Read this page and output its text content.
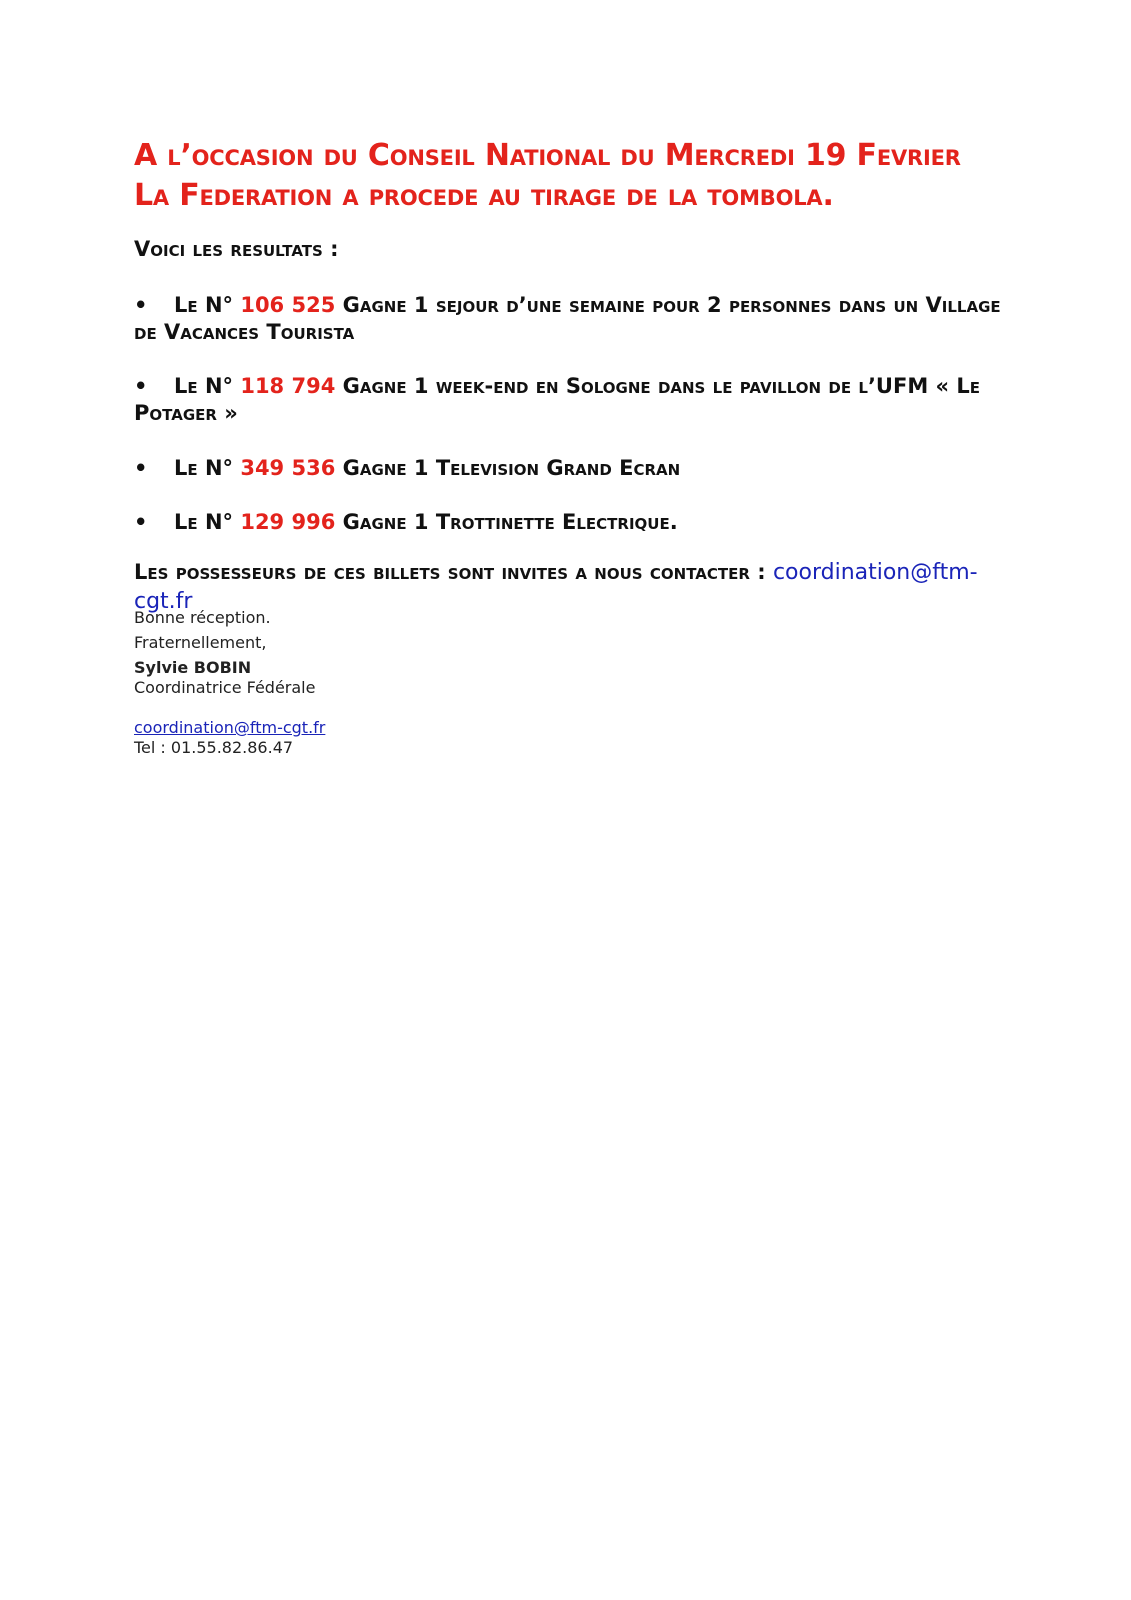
A l’occasion du Conseil National du Mercredi 19 Fevrier
La Federation a procede au tirage de la tombola.
Voici les resultats :
• Le N° 106 525 Gagne 1 sejour d’une semaine pour 2 personnes dans un Village de Vacances Tourista
• Le N° 118 794 Gagne 1 week-end en Sologne dans le pavillon de l’UFM « Le Potager »
• Le N° 349 536 Gagne 1 Television Grand Ecran
• Le N° 129 996 Gagne 1 Trottinette Electrique.
Les possesseurs de ces billets sont invites a nous contacter : coordination@ftm-cgt.fr
Bonne réception.
Fraternellement,
Sylvie BOBIN
Coordinatrice Fédérale
coordination@ftm-cgt.fr
Tel : 01.55.82.86.47
